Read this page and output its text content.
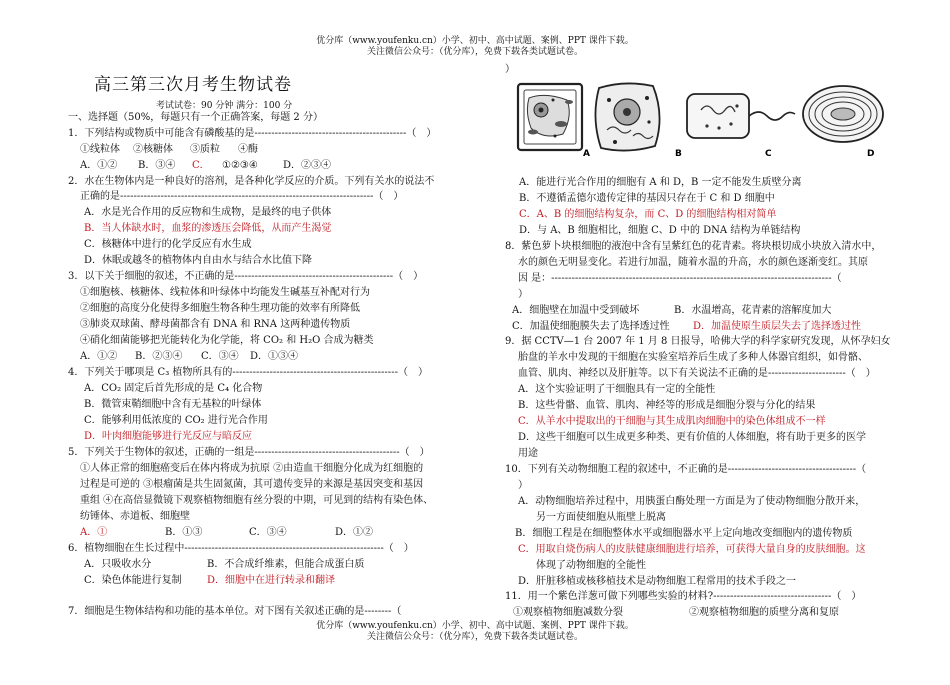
优分库（www.youfenku.cn）小学、初中、高中试题、案例、PPT 课件下载。
关注微信公众号：（优分库），免费下载各类试题试卷。
高三第三次月考生物试卷
考试试卷：90 分钟 满分：100 分
一、选择题（50%，每题只有一个正确答案，每题 2 分）
1．下列结构或物质中可能含有磷酸基的是---------------------------------------------（　）
①线粒体 ②核糖体 ③质粒 ④酶
A．①② B．③④ C． ①②③④	D．②③④
2．水在生物体内是一种良好的溶剂，是各种化学反应的介质。下列有关水的说法不
正确的是---------------------------------------------------------------------------（　）
A．水是光合作用的反应物和生成物，是最终的电子供体
B．当人体缺水时，血浆的渗透压会降低，从而产生渴觉
C．核糖体中进行的化学反应有水生成
D．休眠或越冬的植物体内自由水与结合水比值下降
3．以下关于细胞的叙述，不正确的是-----------------------------------------------（　）
①细胞核、核糖体、线粒体和叶绿体中均能发生碱基互补配对行为
②细胞的高度分化使得多细胞生物各种生理功能的效率有所降低
③肺炎双球菌、酵母菌都含有 DNA 和 RNA 这两种遗传物质
④硝化细菌能够把光能转化为化学能，将 CO₂ 和 H₂O 合成为糖类
A．①② B．②③④ C．③④ D．①③④
4．下列关于哪项是 C₃ 植物所具有的-------------------------------------------------（　）
A．CO₂ 固定后首先形成的是 C₄ 化合物
B．微管束鞘细胞中含有无基粒的叶绿体
C．能够利用低浓度的 CO₂ 进行光合作用
D．叶肉细胞能够进行光反应与暗反应
5．下列关于生物体的叙述，正确的一组是-------------------------------------------（　）
①人体正常的细胞癌变后在体内将成为抗原 ②由造血干细胞分化成为红细胞的
过程是可逆的 ③根瘤菌是共生固氮菌，其可遗传变异的来源是基因突变和基因
重组 ④在高倍显微镜下观察植物细胞有丝分裂的中期，可见到的结构有染色体、
纺锤体、赤道板、细胞壁
A．①	B．①③	C．③④	D．①②
6．植物细胞在生长过程中-----------------------------------------------------------（　）
A．只吸收水分	B．不合成纤维素，但能合成蛋白质
C．染色体能进行复制	D．细胞中在进行转录和翻译
7．细胞是生物体结构和功能的基本单位。对下图有关叙述正确的是--------（
）
A	B	C	D
A．能进行光合作用的细胞有 A 和 D，B 一定不能发生质壁分离
B．不遵循孟德尔遗传定律的基因只存在于 C 和 D 细胞中
C．A、B 的细胞结构复杂，而 C、D 的细胞结构相对简单
D．与 A、B 细胞相比，细胞 C、D 中的 DNA 结构为单链结构
8．紫色萝卜块根细胞的液泡中含有呈紫红色的花青素。将块根切成小块放入清水中，
水的颜色无明显变化。若进行加温，随着水温的升高，水的颜色逐渐变红。其原
因 是：-----------------------------------------------------------------------------------（
）
A．细胞壁在加温中受到破坏	B．水温增高，花青素的溶解度加大
C．加温使细胞膜失去了选择透过性 D．加温使原生质层失去了选择透过性
9．据 CCTV—1 台 2007 年 1 月 8 日报导，哈佛大学的科学家研究发现，从怀孕妇女
胎盘的羊水中发现的干细胞在实验室培养后生成了多种人体器官组织，如骨骼、
血管、肌肉、神经以及肝脏等。以下有关说法不正确的是-----------------------（　）
A．这个实验证明了干细胞具有一定的全能性
B．这些骨骼、血管、肌肉、神经等的形成是细胞分裂与分化的结果
C．从羊水中提取出的干细胞与其生成肌肉细胞中的染色体组成不一样
D．这些干细胞可以生成更多种类、更有价值的人体细胞，将有助于更多的医学
用途
10．下列有关动物细胞工程的叙述中，不正确的是--------------------------------------（
）
A．动物细胞培养过程中，用胰蛋白酶处理一方面是为了使动物细胞分散开来，
另一方面使细胞从瓶壁上脱离
B．细胞工程是在细胞整体水平或细胞器水平上定向地改变细胞内的遗传物质
C．用取自烧伤病人的皮肤健康细胞进行培养，可获得大量自身的皮肤细胞。这
体现了动物细胞的全能性
D．肝脏移植或核移植技术是动物细胞工程常用的技术手段之一
11．用一个紫色洋葱可做下列哪些实验的材料?-----------------------------------（　）
①观察植物细胞减数分裂	②观察植物细胞的质壁分离和复原
优分库（www.youfenku.cn）小学、初中、高中试题、案例、PPT 课件下载。
关注微信公众号：（优分库），免费下载各类试题试卷。
